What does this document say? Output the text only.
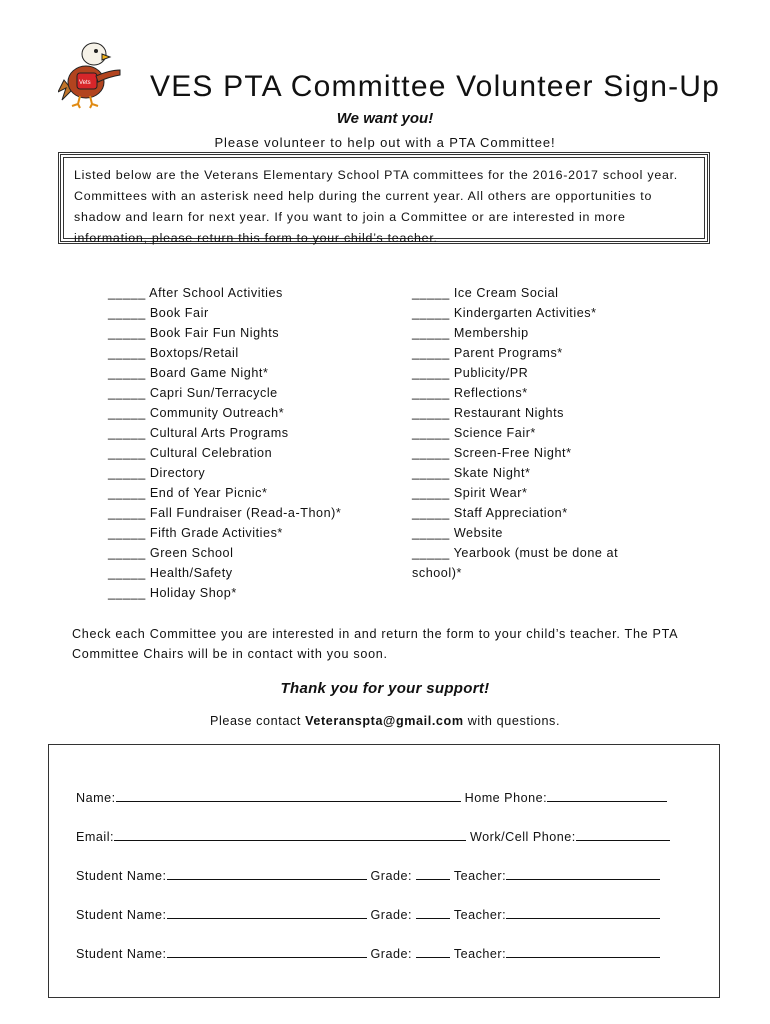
Vets VES PTA Committee Volunteer Sign-Up
We want you!
Please volunteer to help out with a PTA Committee!
Listed below are the Veterans Elementary School PTA committees for the 2016-2017 school year. Committees with an asterisk need help during the current year. All others are opportunities to shadow and learn for next year. If you want to join a Committee or are interested in more information, please return this form to your child’s teacher.
_____ After School Activities
_____ Book Fair
_____ Book Fair Fun Nights
_____ Boxtops/Retail
_____ Board Game Night*
_____ Capri Sun/Terracycle
_____ Community Outreach*
_____ Cultural Arts Programs
_____ Cultural Celebration
_____ Directory
_____ End of Year Picnic*
_____ Fall Fundraiser (Read-a-Thon)*
_____ Fifth Grade Activities*
_____ Green School
_____ Health/Safety
_____ Holiday Shop*
_____ Ice Cream Social
_____ Kindergarten Activities*
_____ Membership
_____ Parent Programs*
_____ Publicity/PR
_____ Reflections*
_____ Restaurant Nights
_____ Science Fair*
_____ Screen-Free Night*
_____ Skate Night*
_____ Spirit Wear*
_____ Staff Appreciation*
_____ Website
_____ Yearbook (must be done at school)*
Check each Committee you are interested in and return the form to your child’s teacher. The PTA Committee Chairs will be in contact with you soon.
Thank you for your support!
Please contact Veteranspta@gmail.com with questions.
Name:	Home Phone:
Email:	Work/Cell Phone:
Student Name:	Grade:	Teacher:
Student Name:	Grade:	Teacher:
Student Name:	Grade:	Teacher:
